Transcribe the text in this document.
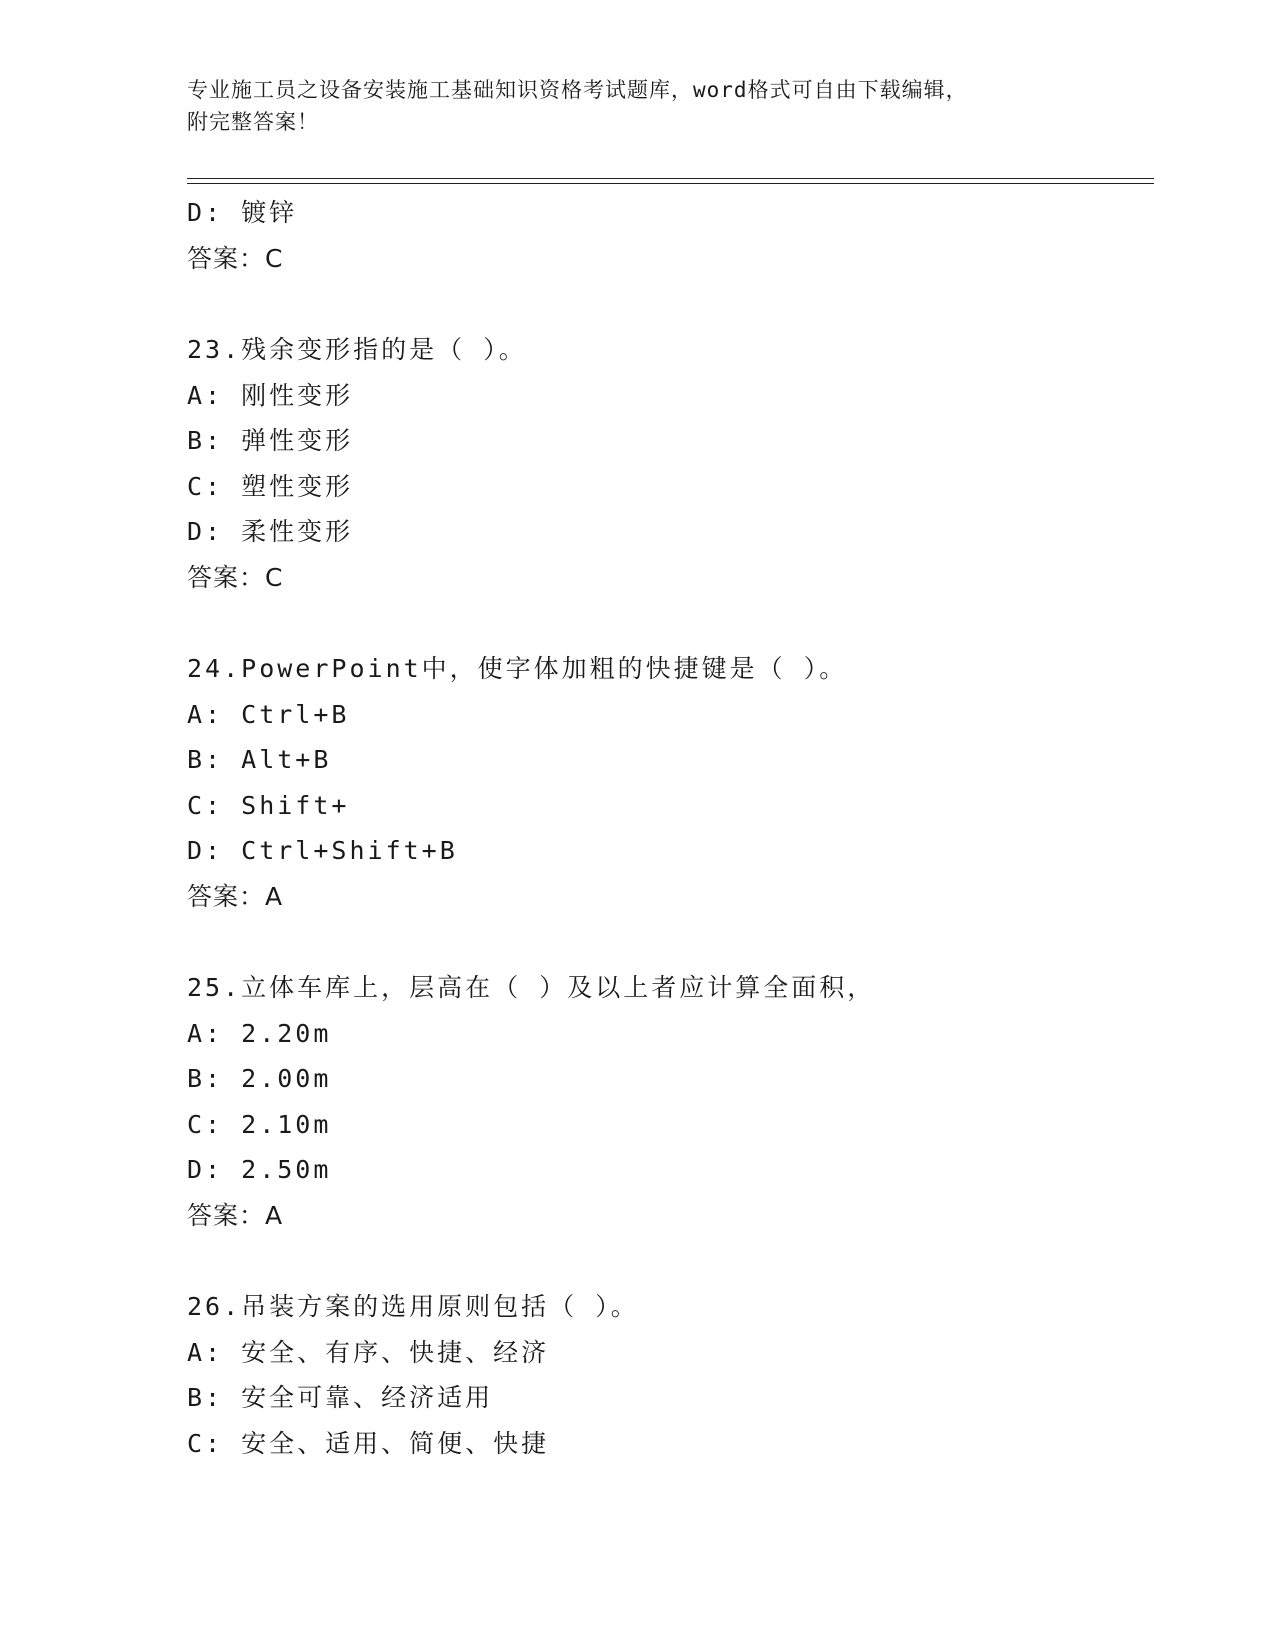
专业施工员之设备安装施工基础知识资格考试题库，word格式可自由下载编辑，
附完整答案！
D: 镀锌
答案：C
23.残余变形指的是（ ）。
A: 刚性变形
B: 弹性变形
C: 塑性变形
D: 柔性变形
答案：C
24.PowerPoint中，使字体加粗的快捷键是（ ）。
A: Ctrl+B
B: Alt+B
C: Shift+
D: Ctrl+Shift+B
答案：A
25.立体车库上，层高在（ ）及以上者应计算全面积，
A: 2.20m
B: 2.00m
C: 2.10m
D: 2.50m
答案：A
26.吊装方案的选用原则包括（ ）。
A: 安全、有序、快捷、经济
B: 安全可靠、经济适用
C: 安全、适用、简便、快捷
